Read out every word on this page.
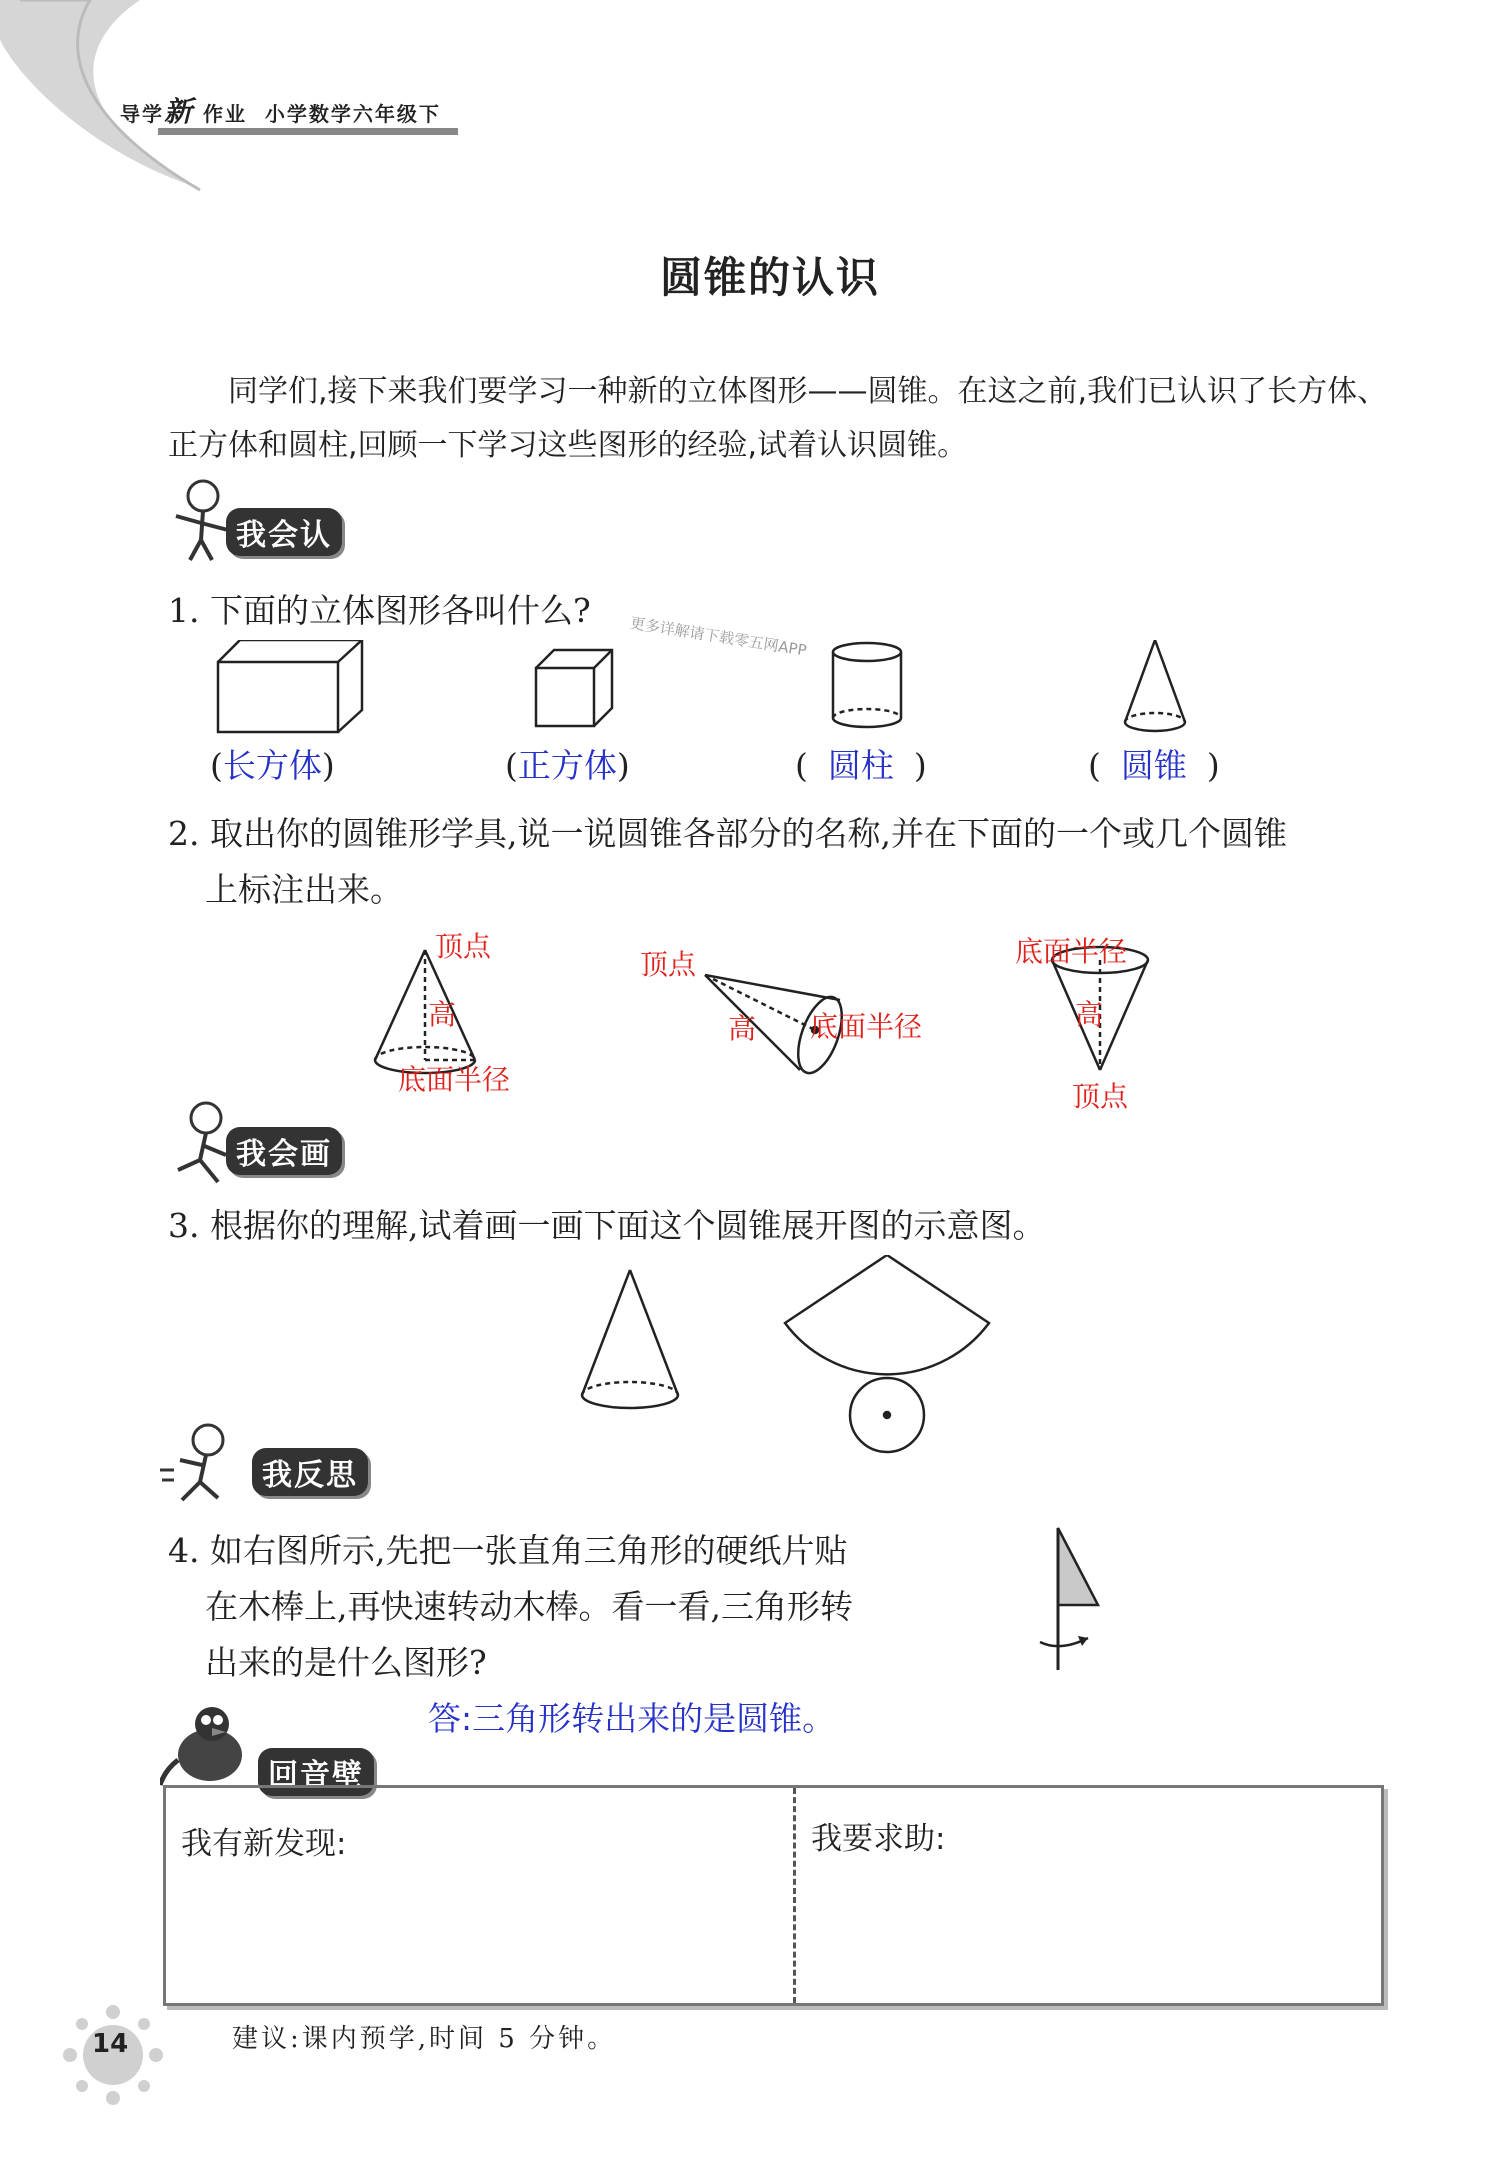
导学新 作业  小学数学六年级下
圆锥的认识
同学们,接下来我们要学习一种新的立体图形——圆锥。在这之前,我们已认识了长方体、正方体和圆柱,回顾一下学习这些图形的经验,试着认识圆锥。
我会认
1. 下面的立体图形各叫什么?
更多详解请下载零五网APP
(长方体)	(正方体)	( 圆柱 )	( 圆锥 )
2. 取出你的圆锥形学具,说一说圆锥各部分的名称,并在下面的一个或几个圆锥
上标注出来。
顶点
高
底面半径
顶点
高 底面半径
底面半径
高
顶点
我会画
3. 根据你的理解,试着画一画下面这个圆锥展开图的示意图。
我反思
4. 如右图所示,先把一张直角三角形的硬纸片贴
在木棒上,再快速转动木棒。看一看,三角形转
出来的是什么图形?
答:三角形转出来的是圆锥。
回音壁
我有新发现:	我要求助:
建议:课内预学,时间 5 分钟。
14
